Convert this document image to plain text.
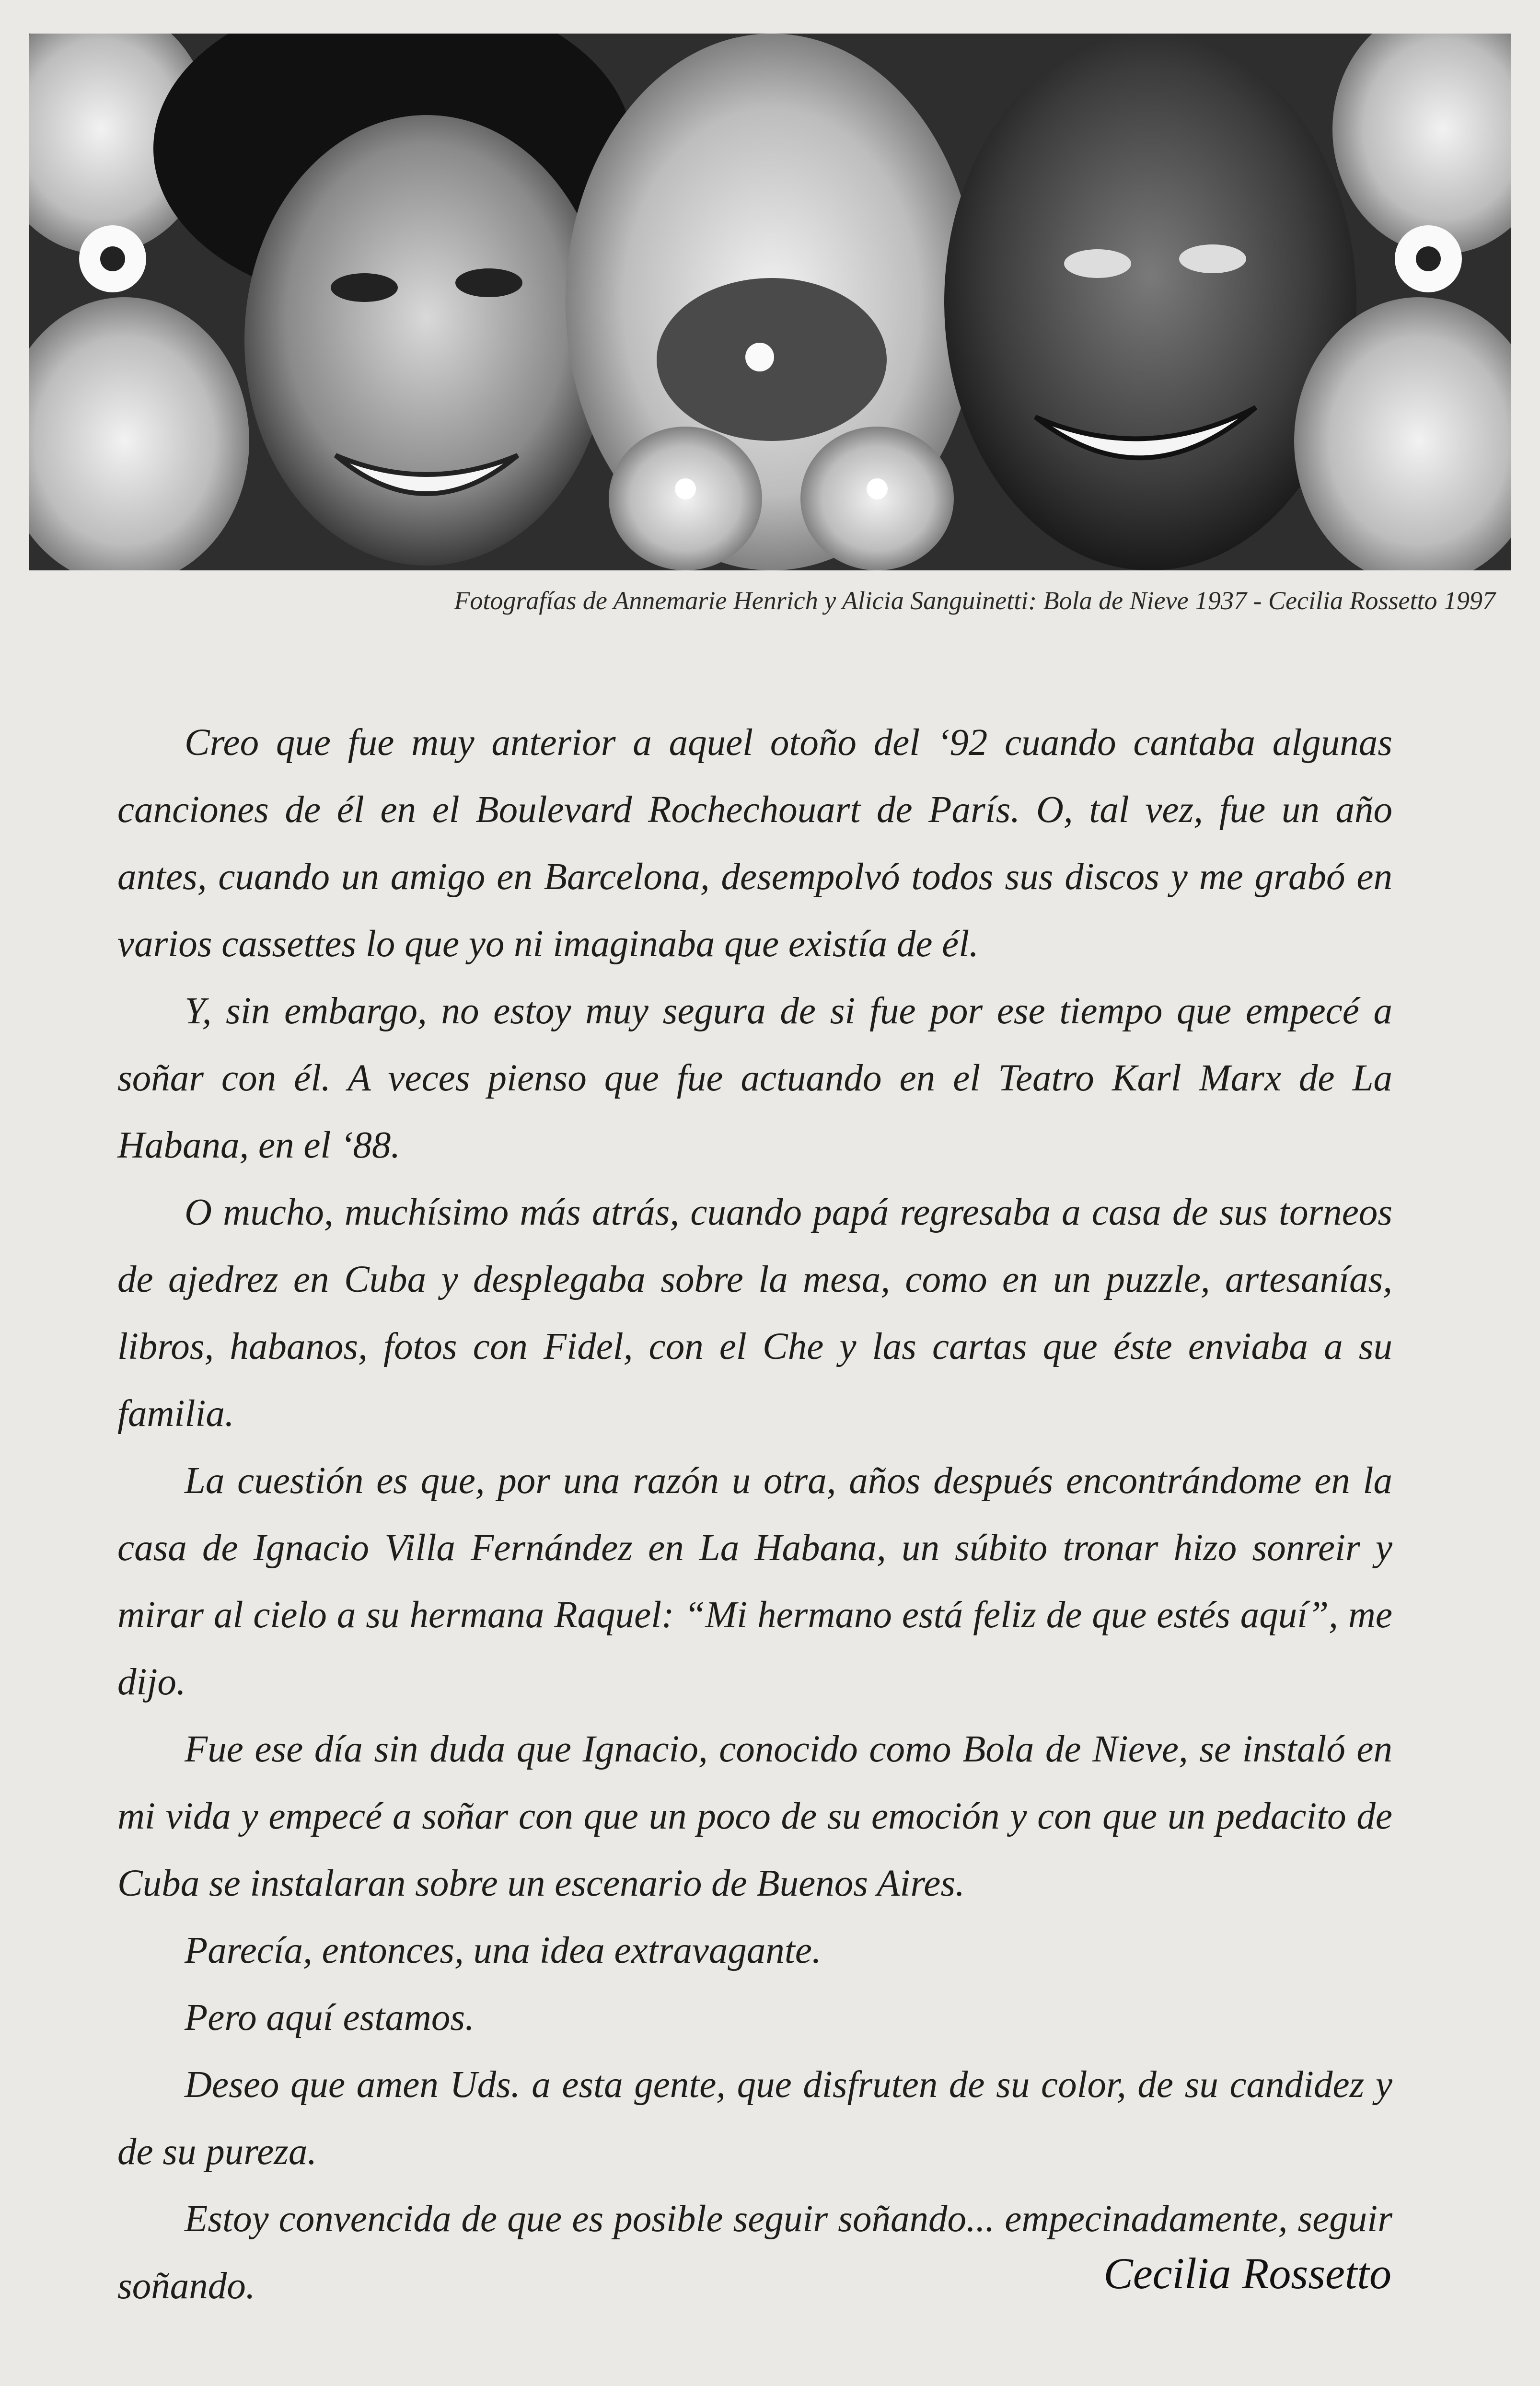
Fotografías de Annemarie Henrich y Alicia Sanguinetti: Bola de Nieve 1937 - Cecilia Rossetto 1997

Creo que fue muy anterior a aquel otoño del ‘92 cuando cantaba algunas canciones de él en el Boulevard Rochechouart de París. O, tal vez, fue un año antes, cuando un amigo en Barcelona, desempolvó todos sus discos y me grabó en varios cassettes lo que yo ni imaginaba que existía de él.

Y, sin embargo, no estoy muy segura de si fue por ese tiempo que empecé a soñar con él. A veces pienso que fue actuando en el Teatro Karl Marx de La Habana, en el ‘88.

O mucho, muchísimo más atrás, cuando papá regresaba a casa de sus torneos de ajedrez en Cuba y desplegaba sobre la mesa, como en un puzzle, artesanías, libros, habanos, fotos con Fidel, con el Che y las cartas que éste enviaba a su familia.

La cuestión es que, por una razón u otra, años después encontrándome en la casa de Ignacio Villa Fernández en La Habana, un súbito tronar hizo sonreir y mirar al cielo a su hermana Raquel: “Mi hermano está feliz de que estés aquí”, me dijo.

Fue ese día sin duda que Ignacio, conocido como Bola de Nieve, se instaló en mi vida y empecé a soñar con que un poco de su emoción y con que un pedacito de Cuba se instalaran sobre un escenario de Buenos Aires.

Parecía, entonces, una idea extravagante.

Pero aquí estamos.

Deseo que amen Uds. a esta gente, que disfruten de su color, de su candidez y de su pureza.

Estoy convencida de que es posible seguir soñando... empecinadamente, seguir soñando.	Cecilia Rossetto
